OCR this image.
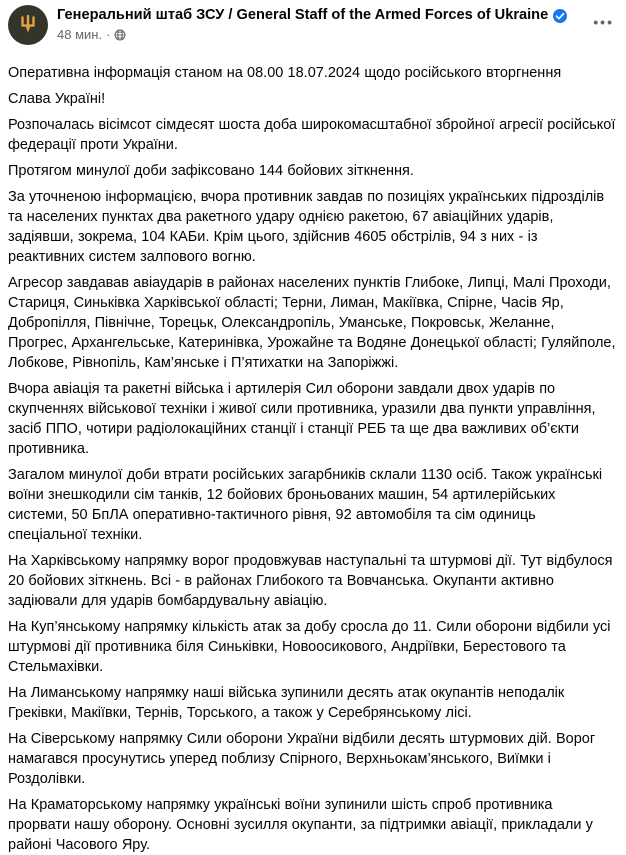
Генеральний штаб ЗСУ / General Staff of the Armed Forces of Ukraine
48 мин. ·
•••

Оперативна інформація станом на 08.00 18.07.2024 щодо російського вторгнення

Слава Україні!

Розпочалась вісімсот сімдесят шоста доба широкомасштабної збройної агресії російської федерації проти України.

Протягом минулої доби зафіксовано 144 бойових зіткнення.

За уточненою інформацією, вчора противник завдав по позиціях українських підрозділів та населених пунктах два ракетного удару однією ракетою, 67 авіаційних ударів, задіявши, зокрема, 104 КАБи. Крім цього, здійснив 4605 обстрілів, 94 з них - із реактивних систем залпового вогню.

Агресор завдавав авіаударів в районах населених пунктів Глибоке, Липці, Малі Проходи, Стариця, Синьківка Харківської області; Терни, Лиман, Макіївка, Спірне, Часів Яр, Добропілля, Північне, Торецьк, Олександропіль, Уманське, Покровськ, Желанне, Прогрес, Архангельське, Катеринівка, Урожайне та Водяне Донецької області; Гуляйполе, Лобкове, Рівнопіль, Кам’янське і П’ятихатки на Запоріжжі.

Вчора авіація та ракетні війська і артилерія Сил оборони завдали двох ударів по скупченнях військової техніки і живої сили противника, уразили два пункти управління, засіб ППО, чотири радіолокаційних станції і станції РЕБ та ще два важливих об’єкти противника.

Загалом минулої доби втрати російських загарбників склали 1130 осіб. Також українські воїни знешкодили сім танків, 12 бойових броньованих машин, 54 артилерійських системи, 50 БпЛА оперативно-тактичного рівня, 92 автомобіля та сім одиниць спеціальної техніки.

На Харківському напрямку ворог продовжував наступальні та штурмові дії. Тут відбулося 20 бойових зіткнень. Всі - в районах Глибокого та Вовчанська. Окупанти активно задіювали для ударів бомбардувальну авіацію.

На Куп’янському напрямку кількість атак за добу сросла до 11. Сили оборони відбили усі штурмові дії противника біля Синьківки, Новоосикового, Андріївки, Берестового та Стельмахівки.

На Лиманському напрямку наші війська зупинили десять атак окупантів неподалік Греківки, Макіївки, Тернів, Торського, а також у Серебрянському лісі.

На Сіверському напрямку Сили оборони України відбили десять штурмових дій. Ворог намагався просунутись уперед поблизу Спірного, Верхньокам’янського, Виїмки і Роздолівки.

На Краматорському напрямку українські воїни зупинили шість спроб противника прорвати нашу оборону. Основні зусилля окупанти, за підтримки авіації, прикладали у районі Часового Яру.
